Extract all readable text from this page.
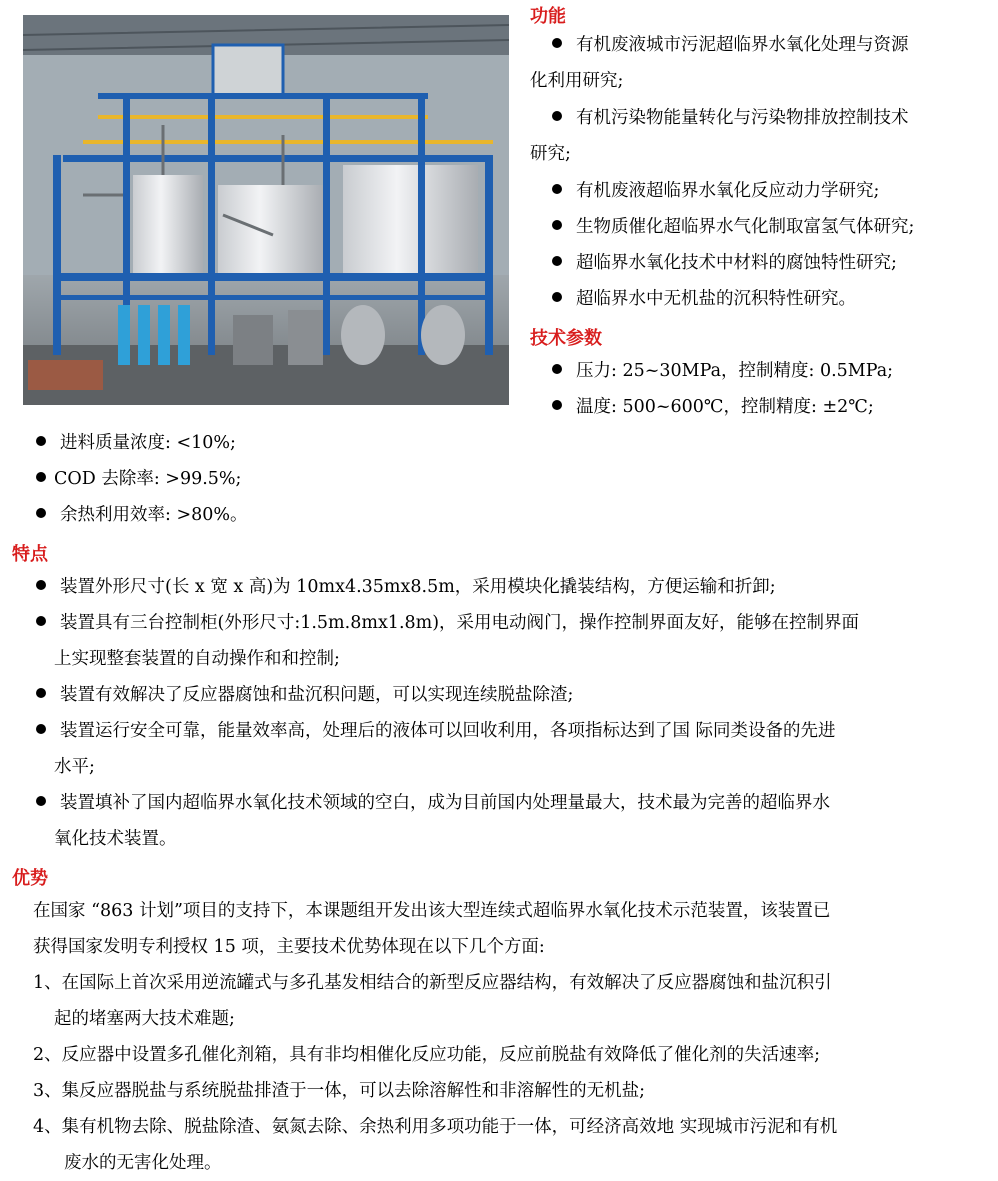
功能
有机废液城市污泥超临界水氧化处理与资源
化利用研究;
有机污染物能量转化与污染物排放控制技术
研究;
有机废液超临界水氧化反应动力学研究;
生物质催化超临界水气化制取富氢气体研究;
超临界水氧化技术中材料的腐蚀特性研究;
超临界水中无机盐的沉积特性研究。
技术参数
压力: 25~30MPa，控制精度: 0.5MPa;
温度: 500~600℃，控制精度: ±2℃;
进料质量浓度: <10%;
COD 去除率: >99.5%;
余热利用效率: >80%。
特点
装置外形尺寸(长 x 宽 x 高)为 10mx4.35mx8.5m，采用模块化撬装结构，方便运输和折卸;
装置具有三台控制柜(外形尺寸:1.5m.8mx1.8m)，采用电动阀门，操作控制界面友好，能够在控制界面
上实现整套装置的自动操作和和控制;
装置有效解决了反应器腐蚀和盐沉积问题，可以实现连续脱盐除渣;
装置运行安全可靠，能量效率高，处理后的液体可以回收利用，各项指标达到了国 际同类设备的先进
水平;
装置填补了国内超临界水氧化技术领域的空白，成为目前国内处理量最大，技术最为完善的超临界水
氧化技术装置。
优势
在国家 “863 计划”项目的支持下，本课题组开发出该大型连续式超临界水氧化技术示范装置，该装置已
获得国家发明专利授权 15 项，主要技术优势体现在以下几个方面:
1、在国际上首次采用逆流罐式与多孔基发相结合的新型反应器结构，有效解决了反应器腐蚀和盐沉积引
起的堵塞两大技术难题;
2、反应器中设置多孔催化剂箱，具有非均相催化反应功能，反应前脱盐有效降低了催化剂的失活速率;
3、集反应器脱盐与系统脱盐排渣于一体，可以去除溶解性和非溶解性的无机盐;
4、集有机物去除、脱盐除渣、氨氮去除、余热利用多项功能于一体，可经济高效地 实现城市污泥和有机
废水的无害化处理。
